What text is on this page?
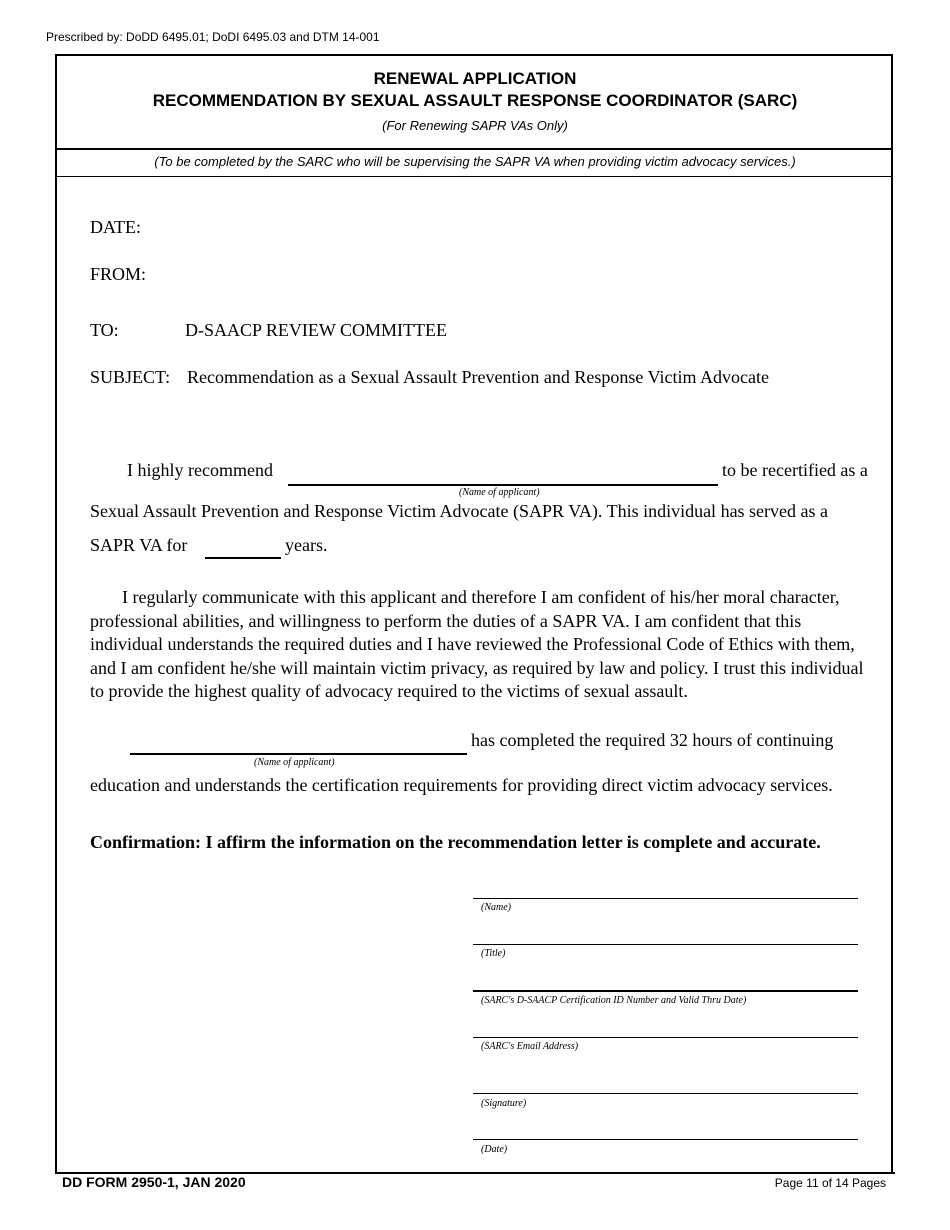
Prescribed by: DoDD 6495.01; DoDI 6495.03 and DTM 14-001
RENEWAL APPLICATION
RECOMMENDATION BY SEXUAL ASSAULT RESPONSE COORDINATOR (SARC)
(For Renewing SAPR VAs Only)
(To be completed by the SARC who will be supervising the SAPR VA when providing victim advocacy services.)
DATE:
FROM:
TO:	D-SAACP REVIEW COMMITTEE
SUBJECT: Recommendation as a Sexual Assault Prevention and Response Victim Advocate
I highly recommend	to be recertified as a
(Name of applicant)
Sexual Assault Prevention and Response Victim Advocate (SAPR VA). This individual has served as a
SAPR VA for	years.
I regularly communicate with this applicant and therefore I am confident of his/her moral character, professional abilities, and willingness to perform the duties of a SAPR VA. I am confident that this individual understands the required duties and I have reviewed the Professional Code of Ethics with them, and I am confident he/she will maintain victim privacy, as required by law and policy. I trust this individual to provide the highest quality of advocacy required to the victims of sexual assault.
has completed the required 32 hours of continuing
(Name of applicant)
education and understands the certification requirements for providing direct victim advocacy services.
Confirmation: I affirm the information on the recommendation letter is complete and accurate.
(Name)
(Title)
(SARC's D-SAACP Certification ID Number and Valid Thru Date)
(SARC's Email Address)
(Signature)
(Date)
DD FORM 2950-1, JAN 2020	Page 11 of 14 Pages
